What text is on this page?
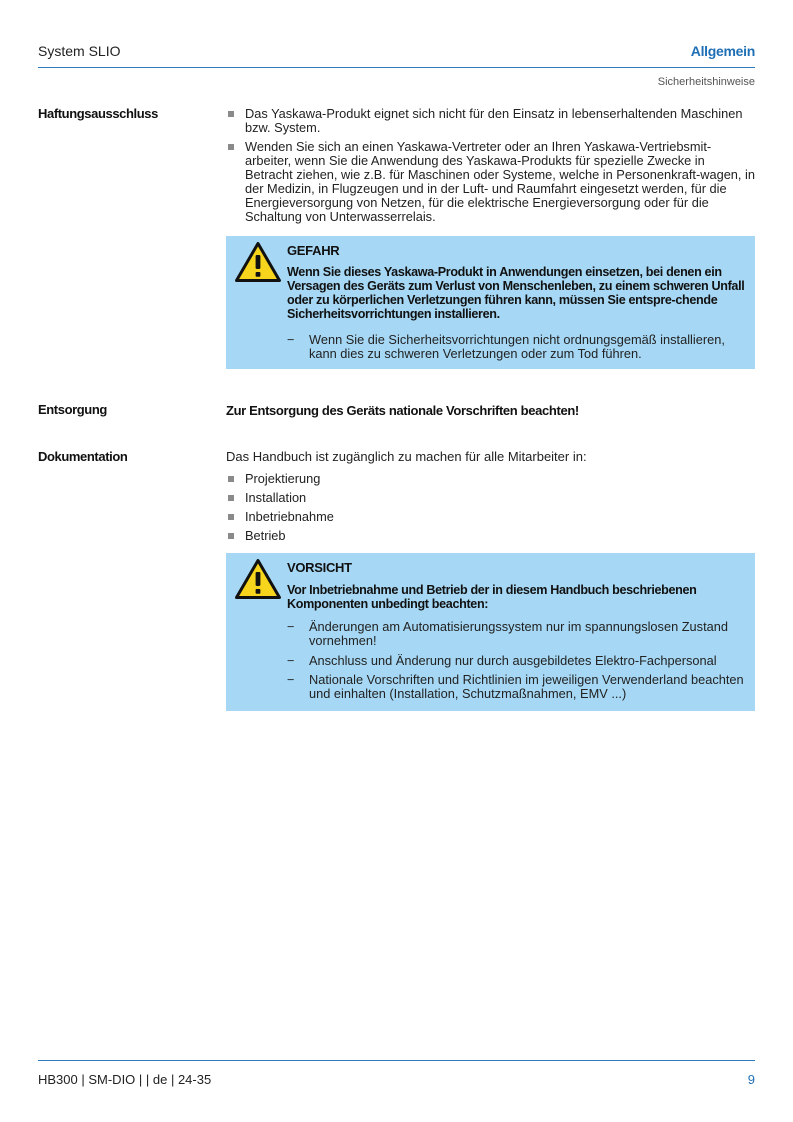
System SLIO	Allgemein
Sicherheitshinweise
Haftungsausschluss	Das Yaskawa-Produkt eignet sich nicht für den Einsatz in lebenserhaltenden Maschinen bzw. System.
Wenden Sie sich an einen Yaskawa-Vertreter oder an Ihren Yaskawa-Vertriebsmit-arbeiter, wenn Sie die Anwendung des Yaskawa-Produkts für spezielle Zwecke in Betracht ziehen, wie z.B. für Maschinen oder Systeme, welche in Personenkraft-wagen, in der Medizin, in Flugzeugen und in der Luft- und Raumfahrt eingesetzt werden, für die Energieversorgung von Netzen, für die elektrische Energieversorgung oder für die Schaltung von Unterwasserrelais.
GEFAHR
Wenn Sie dieses Yaskawa-Produkt in Anwendungen einsetzen, bei denen ein Versagen des Geräts zum Verlust von Menschenleben, zu einem schweren Unfall oder zu körperlichen Verletzungen führen kann, müssen Sie entspre-chende Sicherheitsvorrichtungen installieren.
−	Wenn Sie die Sicherheitsvorrichtungen nicht ordnungsgemäß installieren, kann dies zu schweren Verletzungen oder zum Tod führen.
Entsorgung	Zur Entsorgung des Geräts nationale Vorschriften beachten!
Dokumentation	Das Handbuch ist zugänglich zu machen für alle Mitarbeiter in:
Projektierung
Installation
Inbetriebnahme
Betrieb
VORSICHT
Vor Inbetriebnahme und Betrieb der in diesem Handbuch beschriebenen Komponenten unbedingt beachten:
−	Änderungen am Automatisierungssystem nur im spannungslosen Zustand vornehmen!
−	Anschluss und Änderung nur durch ausgebildetes Elektro-Fachpersonal
−	Nationale Vorschriften und Richtlinien im jeweiligen Verwenderland beachten und einhalten (Installation, Schutzmaßnahmen, EMV ...)
HB300 | SM-DIO | | de | 24-35	9
